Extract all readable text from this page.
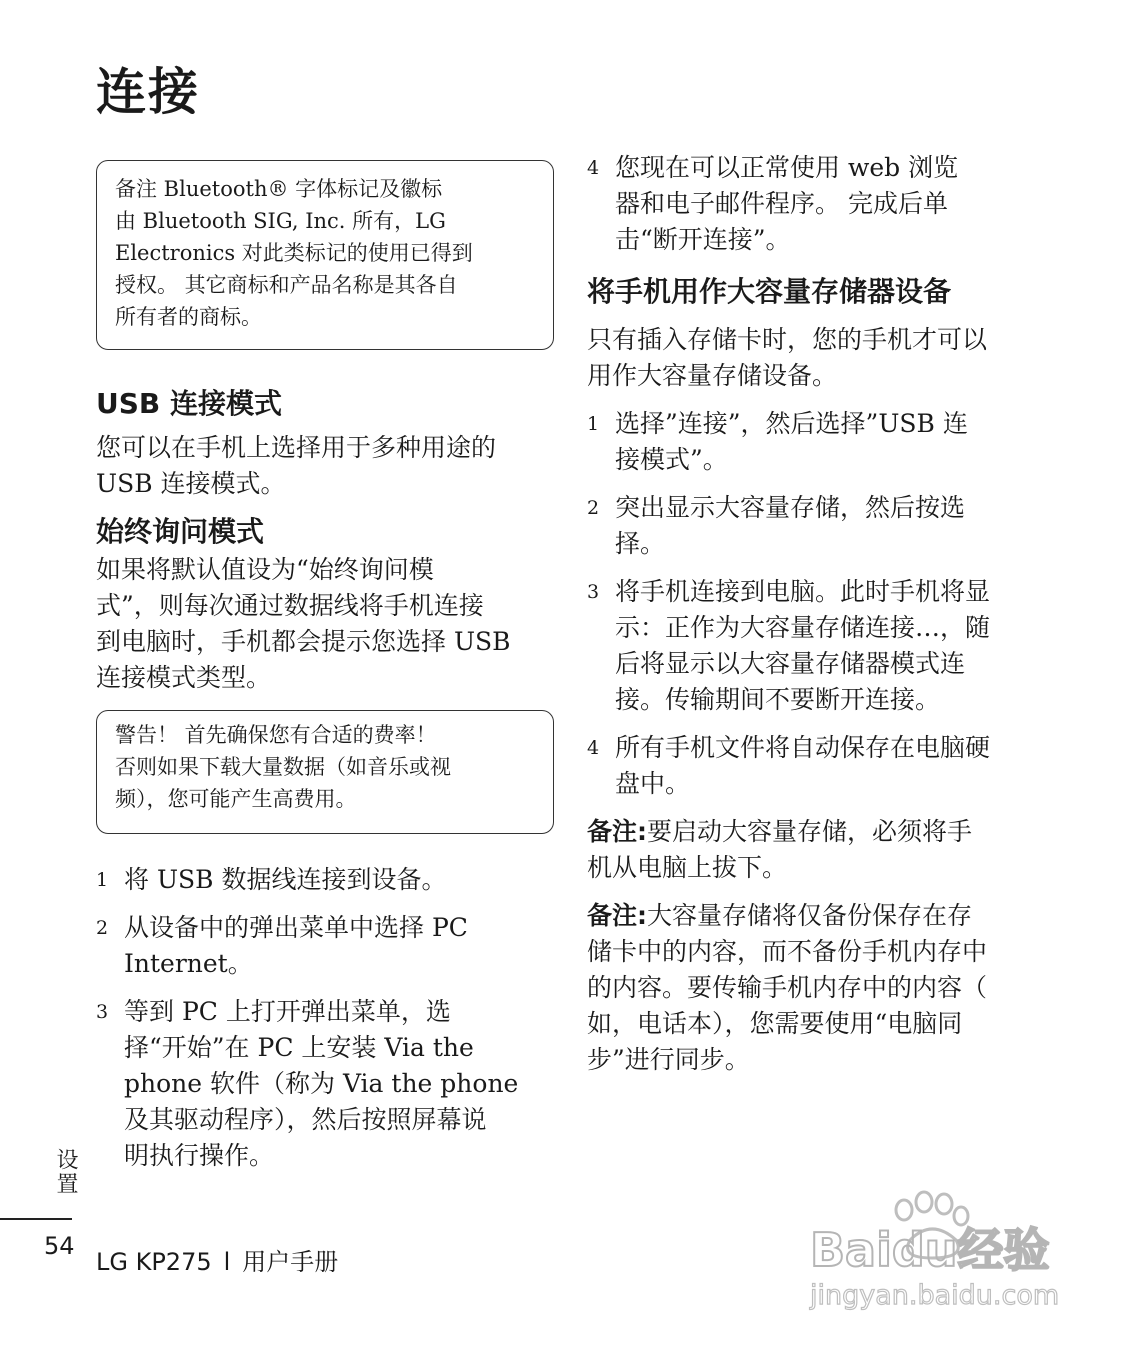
连接
备注 Bluetooth® 字体标记及徽标
由 Bluetooth SIG, Inc. 所有，LG
Electronics 对此类标记的使用已得到
授权。 其它商标和产品名称是其各自
所有者的商标。
USB 连接模式
您可以在手机上选择用于多种用途的
USB 连接模式。
始终询问模式
如果将默认值设为“始终询问模
式”，则每次通过数据线将手机连接
到电脑时，手机都会提示您选择 USB
连接模式类型。
警告！ 首先确保您有合适的费率！
否则如果下载大量数据（如音乐或视
频），您可能产生高费用。
1 将 USB 数据线连接到设备。
2 从设备中的弹出菜单中选择 PC
Internet。
3 等到 PC 上打开弹出菜单，选
择“开始”在 PC 上安装 Via the
phone 软件（称为 Via the phone
及其驱动程序），然后按照屏幕说
明执行操作。
4 您现在可以正常使用 web 浏览
器和电子邮件程序。 完成后单
击“断开连接”。
将手机用作大容量存储器设备
只有插入存储卡时，您的手机才可以
用作大容量存储设备。
1 选择”连接”，然后选择”USB 连
接模式”。
2 突出显示大容量存储，然后按选
择。
3 将手机连接到电脑。此时手机将显
示：正作为大容量存储连接…，随
后将显示以大容量存储器模式连
接。传输期间不要断开连接。
4 所有手机文件将自动保存在电脑硬
盘中。
备注:要启动大容量存储，必须将手
机从电脑上拔下。
备注:大容量存储将仅备份保存在存
储卡中的内容，而不备份手机内存中
的内容。要传输手机内存中的内容（
如，电话本），您需要使用“电脑同
步”进行同步。
设置
54
LG KP275 l 用户手册	Baidu经验
jingyan.baidu.com
